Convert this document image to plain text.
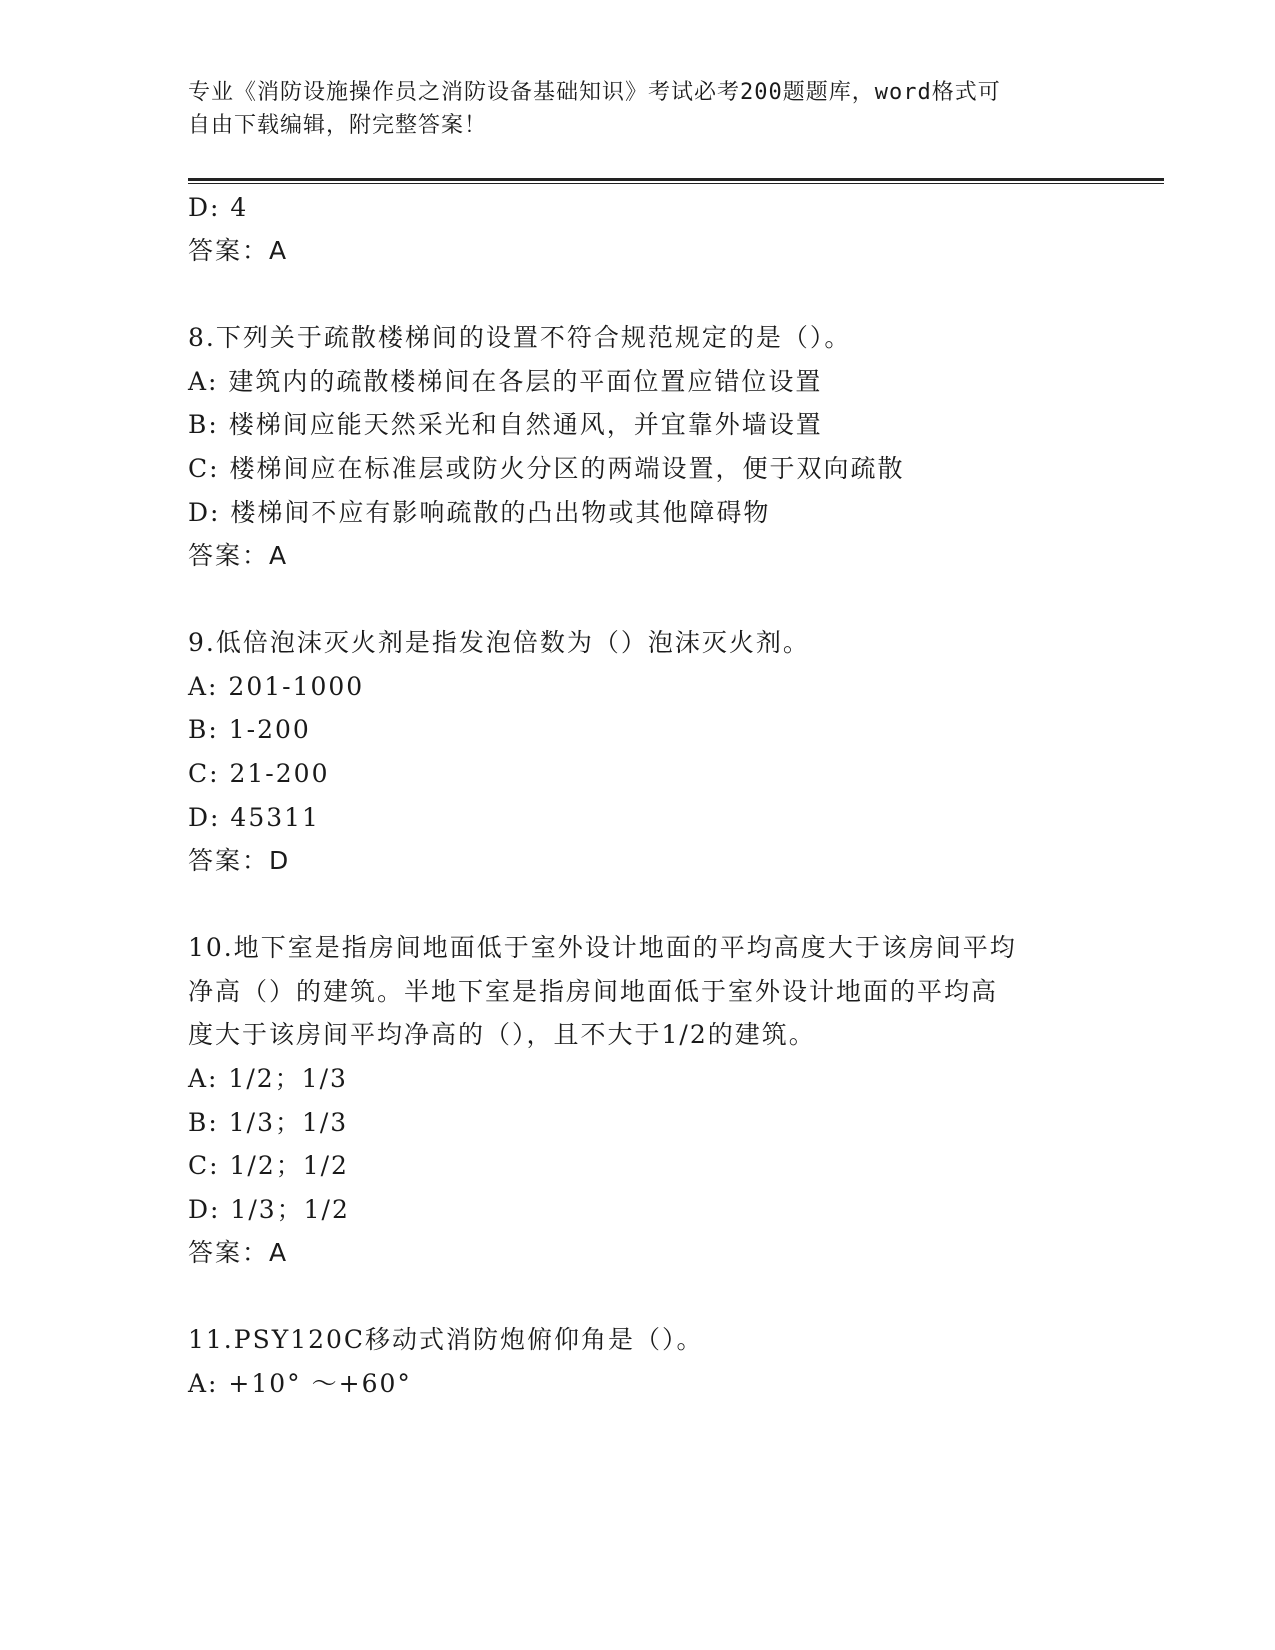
专业《消防设施操作员之消防设备基础知识》考试必考200题题库，word格式可
自由下载编辑，附完整答案！
D: 4
答案：A
8.下列关于疏散楼梯间的设置不符合规范规定的是（）。
A: 建筑内的疏散楼梯间在各层的平面位置应错位设置
B: 楼梯间应能天然采光和自然通风，并宜靠外墙设置
C: 楼梯间应在标准层或防火分区的两端设置，便于双向疏散
D: 楼梯间不应有影响疏散的凸出物或其他障碍物
答案：A
9.低倍泡沫灭火剂是指发泡倍数为（）泡沫灭火剂。
A: 201-1000
B: 1-200
C: 21-200
D: 45311
答案：D
10.地下室是指房间地面低于室外设计地面的平均高度大于该房间平均
净高（）的建筑。半地下室是指房间地面低于室外设计地面的平均高
度大于该房间平均净高的（），且不大于1/2的建筑。
A: 1/2；1/3
B: 1/3；1/3
C: 1/2；1/2
D: 1/3；1/2
答案：A
11.PSY120C移动式消防炮俯仰角是（）。
A: +10° ～+60°
